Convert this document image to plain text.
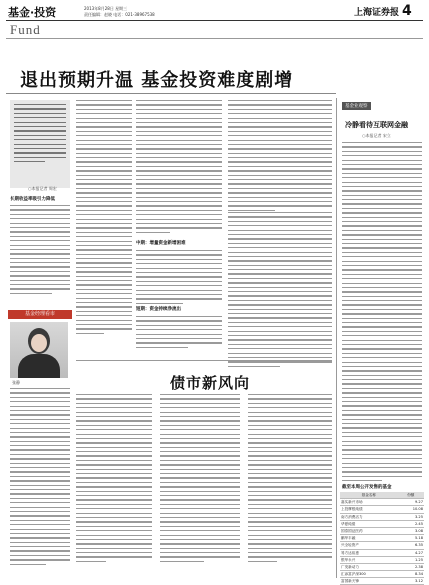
基金·投资
Fund
2013年8月28日 星期三
责任编辑：赵晓 电话：021-38967538	上海证券报 4
退出预期升温 基金投资难度剧增
○本报记者 周宏
长期收益率吸引力降低
中期：增量资金新增困难
短期：资金持续净流出
基金经理看市
张静	债市新风向
基金业观察
冷静看待互联网金融
○本报记者 宋立
截至本周公开发售的基金
基金名称	份额
嘉实新兴市场	9.27
上投摩根纯债	10.08
南方消费活力	3.25
华夏纯债	2.45
国泰国证医药	3.08
鹏华丰融	5.18
兴全轻资产	6.35
易方达裕惠	4.27
银华永兴	1.25
广发新动力	2.38
汇添富沪深300	8.34
富国新天锋	3.12
